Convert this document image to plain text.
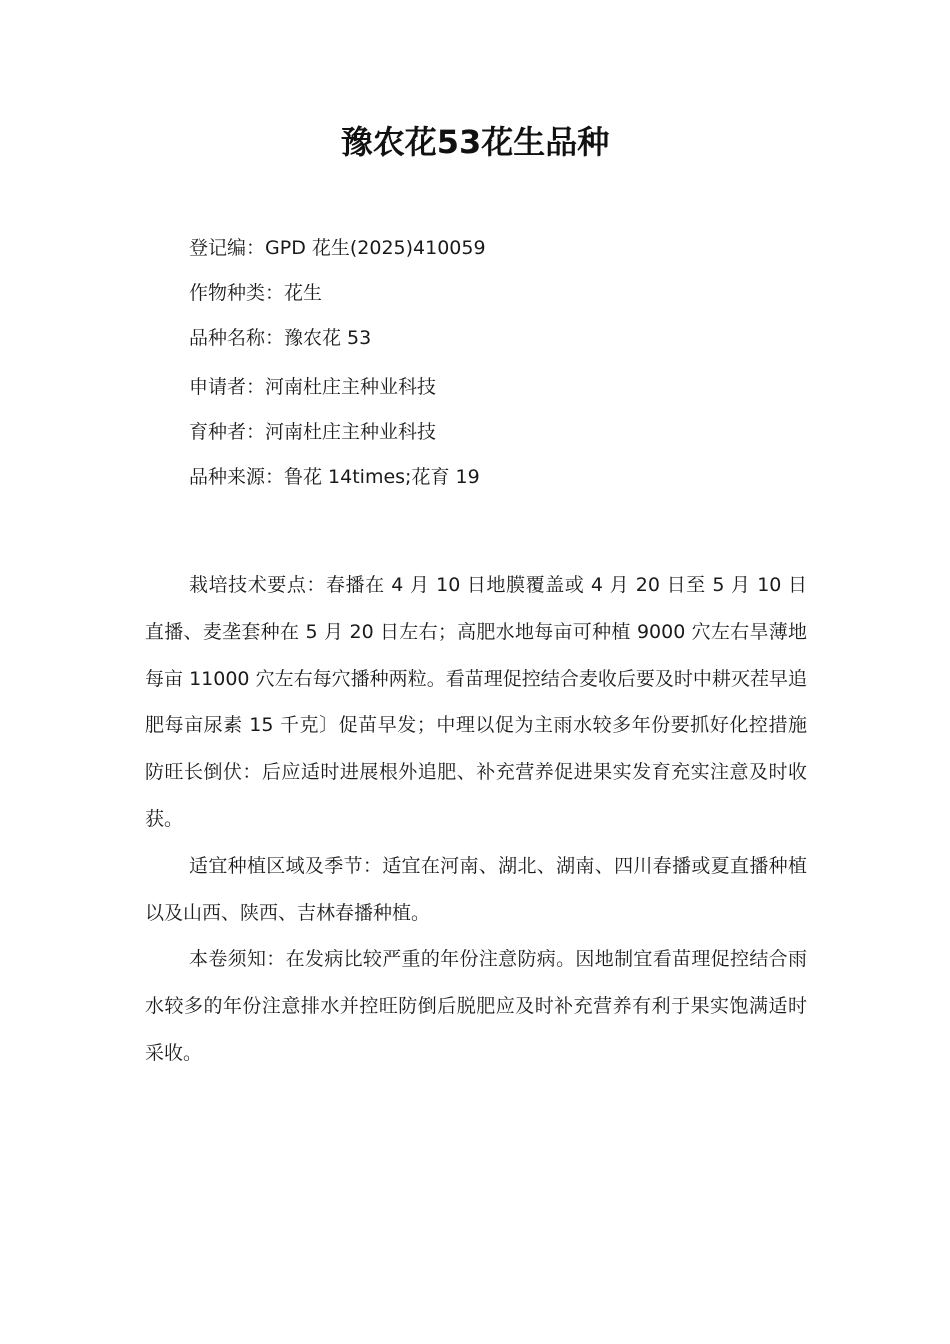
豫农花53花生品种
登记编：GPD 花生(2025)410059
作物种类：花生
品种名称：豫农花 53
申请者：河南杜庄主种业科技
育种者：河南杜庄主种业科技
品种来源：鲁花 14times;花育 19

栽培技术要点：春播在 4 月 10 日地膜覆盖或 4 月 20 日至 5 月 10 日直播、麦垄套种在 5 月 20 日左右；高肥水地每亩可种植 9000 穴左右旱薄地每亩 11000 穴左右每穴播种两粒。看苗理促控结合麦收后要及时中耕灭茬早追肥每亩尿素 15 千克〕促苗早发；中理以促为主雨水较多年份要抓好化控措施防旺长倒伏：后应适时进展根外追肥、补充营养促进果实发育充实注意及时收获。

适宜种植区域及季节：适宜在河南、湖北、湖南、四川春播或夏直播种植以及山西、陕西、吉林春播种植。

本卷须知：在发病比较严重的年份注意防病。因地制宜看苗理促控结合雨水较多的年份注意排水并控旺防倒后脱肥应及时补充营养有利于果实饱满适时采收。
